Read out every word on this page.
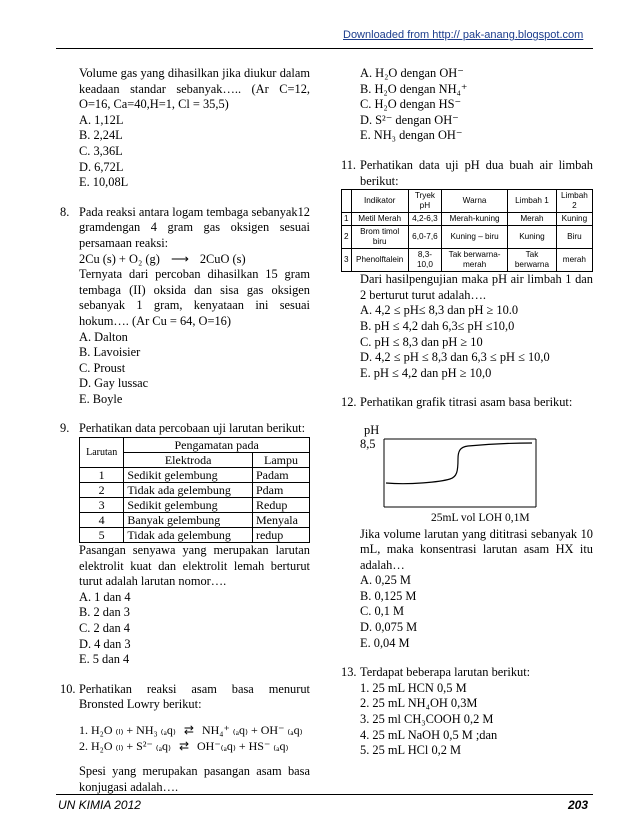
Downloaded from http:// pak-anang.blogspot.com
Volume gas yang dihasilkan jika diukur dalam keadaan standar sebanyak….. (Ar C=12, O=16, Ca=40,H=1, Cl = 35,5)
A. 1,12L
B. 2,24L
C. 3,36L
D. 6,72L
E. 10,08L
8. Pada reaksi antara logam tembaga sebanyak12 gramdengan 4 gram gas oksigen sesuai persamaan reaksi:
2Cu (s) + O₂ (g) ⟶ 2CuO (s)
Ternyata dari percoban dihasilkan 15 gram tembaga (II) oksida dan sisa gas oksigen sebanyak 1 gram, kenyataan ini sesuai hokum…. (Ar Cu = 64, O=16)
A. Dalton
B. Lavoisier
C. Proust
D. Gay lussac
E. Boyle
9. Perhatikan data percobaan uji larutan berikut:
Larutan	Pengamatan pada	
	Elektroda	Lampu
1	Sedikit gelembung	Padam
2	Tidak ada gelembung	Pdam
3	Sedikit gelembung	Redup
4	Banyak gelembung	Menyala
5	Tidak ada gelembung	redup
Pasangan senyawa yang merupakan larutan elektrolit kuat dan elektrolit lemah berturut turut adalah larutan nomor….
A. 1 dan 4
B. 2 dan 3
C. 2 dan 4
D. 4 dan 3
E. 5 dan 4
10. Perhatikan reaksi asam basa menurut Bronsted Lowry berikut:
1. H₂O ₍ₗ₎ + NH₃ ₍ₐq₎ ⇄ NH₄⁺ ₍ₐq₎ + OH⁻ ₍ₐq₎
2. H₂O ₍ₗ₎ + S²⁻ ₍ₐq₎ ⇄ OH⁻₍ₐq₎ + HS⁻ ₍ₐq₎
Spesi yang merupakan pasangan asam basa konjugasi adalah….
A. H₂O dengan OH⁻
B. H₂O dengan NH₄⁺
C. H₂O dengan HS⁻
D. S²⁻ dengan OH⁻
E. NH₃ dengan OH⁻
11. Perhatikan data uji pH dua buah air limbah berikut:
	Indikator	Tryek pH	Warna	Limbah 1	Limbah 2
1	Metil Merah	4,2-6,3	Merah-kuning	Merah	Kuning
2	Brom timol biru	6,0-7,6	Kuning – biru	Kuning	Biru
3	Phenolftalein	8,3-10,0	Tak berwarna-merah	Tak berwarna	merah
Dari hasilpengujian maka pH air limbah 1 dan 2 berturut turut adalah….
A. 4,2 ≤ pH≤ 8,3 dan pH ≥ 10.0
B. pH ≤ 4,2 dah 6,3≤ pH ≤10,0
C. pH ≤ 8,3 dan pH ≥ 10
D. 4,2 ≤ pH ≤ 8,3 dan 6,3 ≤ pH ≤ 10,0
E. pH ≤ 4,2 dan pH ≥ 10,0
12. Perhatikan grafik titrasi asam basa berikut:
pH
8,5
25mL vol LOH 0,1M
Jika volume larutan yang dititrasi sebanyak 10 mL, maka konsentrasi larutan asam HX itu adalah…
A. 0,25 M
B. 0,125 M
C. 0,1 M
D. 0,075 M
E. 0,04 M
13. Terdapat beberapa larutan berikut:
1. 25 mL HCN 0,5 M
2. 25 mL NH₄OH 0,3M
3. 25 ml CH₃COOH 0,2 M
4. 25 mL NaOH 0,5 M ;dan
5. 25 mL HCl 0,2 M
UN KIMIA 2012	203
